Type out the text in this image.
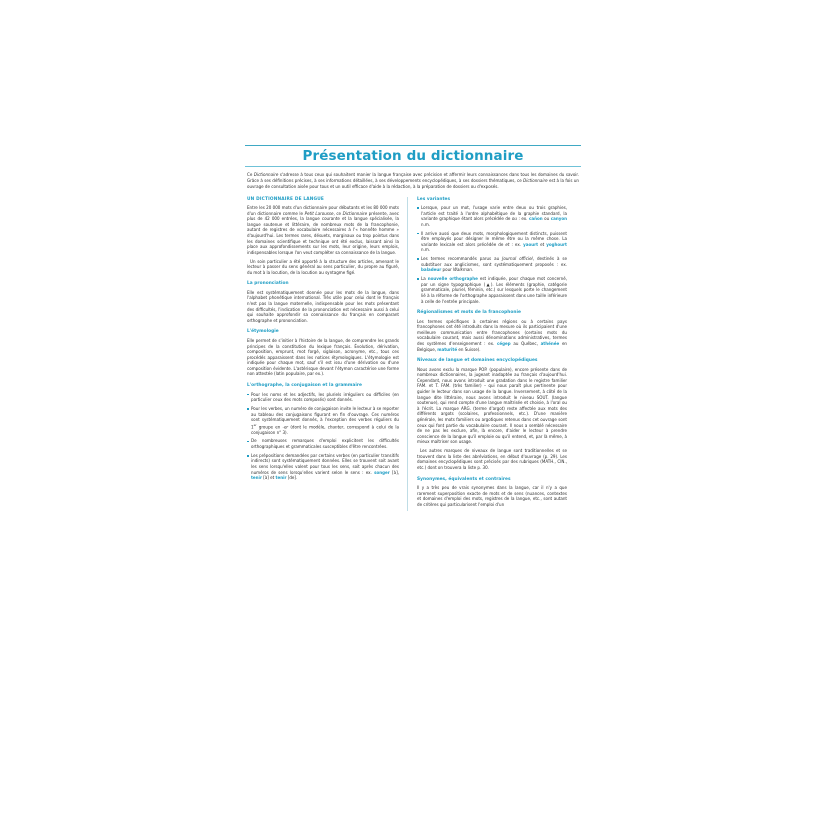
Présentation du dictionnaire
Ce Dictionnaire s'adresse à tous ceux qui souhaitent manier la langue française avec précision et affermir leurs connaissances dans tous les domaines du savoir. Grâce à ses définitions précises, à ses informations détaillées, à ses développements encyclopédiques, à ses dossiers thématiques, ce Dictionnaire est à la fois un ouvrage de consultation aisée pour tous et un outil efficace d'aide à la rédaction, à la préparation de dossiers ou d'exposés.
UN DICTIONNAIRE DE LANGUE

Entre les 20 000 mots d'un dictionnaire pour débutants et les 80 000 mots d'un dictionnaire comme le Petit Larousse, ce Dictionnaire présente, avec plus de 42 000 entrées, la langue courante et la langue spécialisée, la langue soutenue et littéraire, de nombreux mots de la francophonie, autant de registres de vocabulaire nécessaires à l'« honnête homme » d'aujourd'hui. Les termes rares, désuets, marginaux ou trop pointus dans les domaines scientifique et technique ont été exclus, laissant ainsi la place aux approfondissements sur les mots, leur origine, leurs emplois, indispensables lorsque l'on veut compléter sa connaissance de la langue.

Un soin particulier a été apporté à la structure des articles, amenant le lecteur à passer du sens général au sens particulier, du propre au figuré, du mot à la locution, de la locution au syntagme figé.

La prononciation

Elle est systématiquement donnée pour les mots de la langue, dans l'alphabet phonétique international. Très utile pour celui dont le français n'est pas la langue maternelle, indispensable pour les mots présentant des difficultés, l'indication de la prononciation est nécessaire aussi à celui qui souhaite approfondir sa connaissance du français en comparant orthographe et prononciation.

L'étymologie

Elle permet de s'initier à l'histoire de la langue, de comprendre les grands principes de la constitution du lexique français. Évolution, dérivation, composition, emprunt, mot forgé, siglaison, acronyme, etc., tous ces procédés apparaissent dans les notices étymologiques. L'étymologie est indiquée pour chaque mot, sauf s'il est issu d'une dérivation ou d'une composition évidente. L'astérisque devant l'étymon caractérise une forme non attestée (latin populaire, par ex.).

L'orthographe, la conjugaison et la grammaire
Pour les noms et les adjectifs, les pluriels irréguliers ou difficiles (en particulier ceux des mots composés) sont donnés.
Pour les verbes, un numéro de conjugaison invite le lecteur à se reporter au tableau des conjugaisons figurant en fin d'ouvrage. Ces numéros sont systématiquement donnés, à l'exception des verbes réguliers du 1er groupe en -er (dont le modèle, chanter, correspond à celui de la conjugaison n° 3).
De nombreuses remarques d'emploi explicitent les difficultés orthographiques et grammaticales susceptibles d'être rencontrées.
Les prépositions demandées par certains verbes (en particulier transitifs indirects) sont systématiquement données. Elles se trouvent soit avant les sens lorsqu'elles valent pour tous les sens, soit après chacun des numéros de sens lorsqu'elles varient selon le sens : ex. songer [à], tenir [à] et tenir [de].
Les variantes
Lorsque, pour un mot, l'usage varie entre deux ou trois graphies, l'article est traité à l'ordre alphabétique de la graphie standard, la variante graphique étant alors précédée de ou : ex. cañon ou canyon n.m.
Il arrive aussi que deux mots, morphologiquement distincts, puissent être employés pour désigner le même être ou la même chose. La variante lexicale est alors précédée de et : ex. yaourt et yoghourt n.m.
Les termes recommandés parus au Journal officiel, destinés à se substituer aux anglicismes, sont systématiquement proposés : ex. baladeur pour Walkman.
La nouvelle orthographe est indiquée, pour chaque mot concerné, par un signe typographique (▲). Les éléments (graphie, catégorie grammaticale, pluriel, féminin, etc.) sur lesquels porte le changement lié à la réforme de l'orthographe apparaissent dans une taille inférieure à celle de l'entrée principale.
Régionalismes et mots de la francophonie

Les termes spécifiques à certaines régions ou à certains pays francophones ont été introduits dans la mesure où ils participaient d'une meilleure communication entre francophones (certains mots du vocabulaire courant, mais aussi dénominations administratives, termes des systèmes d'enseignement : ex. cégep au Québec, athénée en Belgique, maturité en Suisse).

Niveaux de langue et domaines encyclopédiques

Nous avons exclu la marque POP. (populaire), encore présente dans de nombreux dictionnaires, la jugeant inadaptée au français d'aujourd'hui. Cependant, nous avons introduit une gradation dans le registre familier FAM. et T. FAM. (très familier) – qui nous paraît plus pertinente pour guider le lecteur dans son usage de la langue. Inversement, à côté de la langue dite littéraire, nous avons introduit le niveau SOUT. (langue soutenue), qui rend compte d'une langue maîtrisée et choisie, à l'oral ou à l'écrit. La marque ARG. (terme d'argot) reste affectée aux mots des différents argots (scolaires, professionnels, etc.). D'une manière générale, les mots familiers ou argotiques retenus dans cet ouvrage sont ceux qui font partie du vocabulaire courant. Il nous a semblé nécessaire de ne pas les exclure, afin, là encore, d'aider le lecteur à prendre conscience de la langue qu'il emploie ou qu'il entend, et, par là même, à mieux maîtriser son usage.

Les autres marques de niveaux de langue sont traditionnelles et se trouvent dans la liste des abréviations, en début d'ouvrage (p. 29). Les domaines encyclopédiques sont précisés par des rubriques (MATH., CIN., etc.) dont on trouvera la liste p. 30.

Synonymes, équivalents et contraires

Il y a très peu de vrais synonymes dans la langue, car il n'y a que rarement superposition exacte de mots et de sens (nuances, contextes et domaines d'emploi des mots, registres de la langue, etc., sont autant de critères qui particularisent l'emploi d'un
